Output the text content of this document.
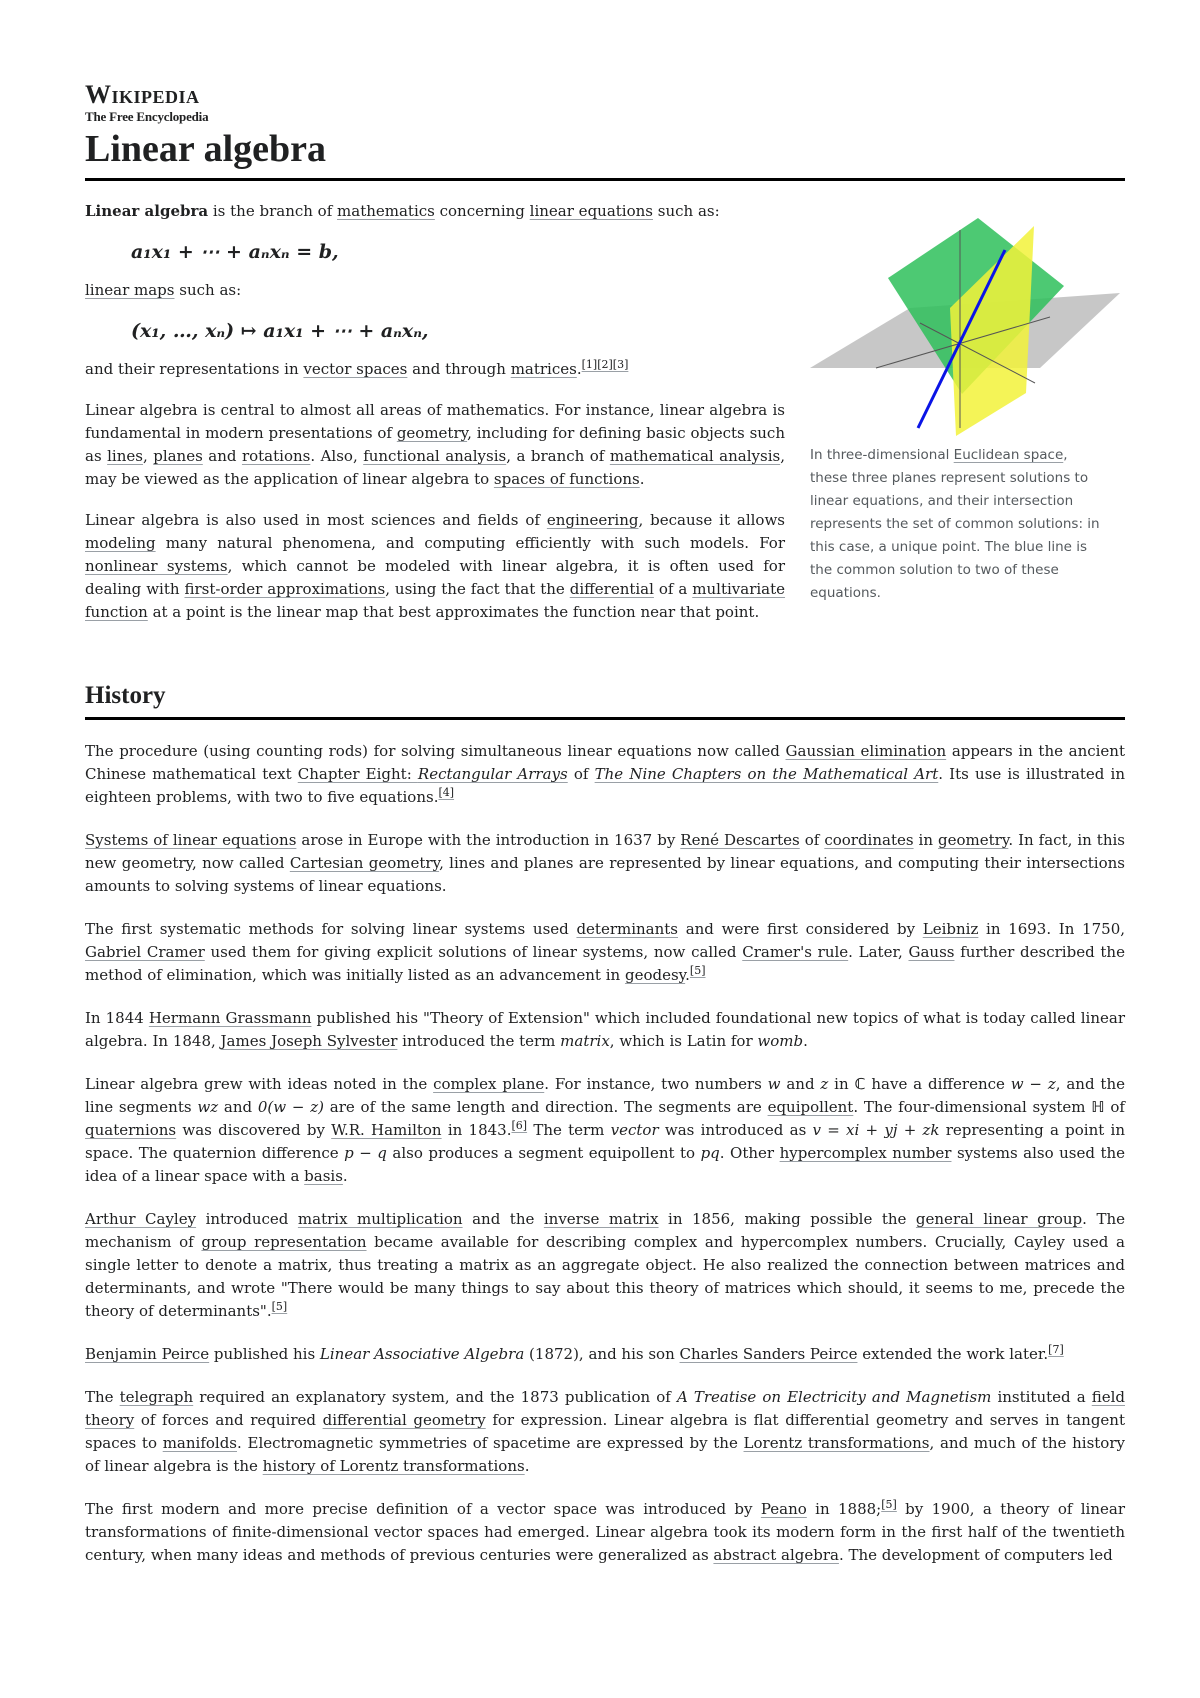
Wikipedia
The Free Encyclopedia
Linear algebra

Linear algebra is the branch of mathematics concerning linear equations such as:

a₁x₁ + ⋯ + aₙxₙ = b,

linear maps such as:

(x₁, …, xₙ) ↦ a₁x₁ + ⋯ + aₙxₙ,

and their representations in vector spaces and through matrices.[1][2][3]

Linear algebra is central to almost all areas of mathematics. For instance, linear algebra is fundamental in modern presentations of geometry, including for defining basic objects such as lines, planes and rotations. Also, functional analysis, a branch of mathematical analysis, may be viewed as the application of linear algebra to spaces of functions.

Linear algebra is also used in most sciences and fields of engineering, because it allows modeling many natural phenomena, and computing efficiently with such models. For nonlinear systems, which cannot be modeled with linear algebra, it is often used for dealing with first-order approximations, using the fact that the differential of a multivariate function at a point is the linear map that best approximates the function near that point.

History

The procedure (using counting rods) for solving simultaneous linear equations now called Gaussian elimination appears in the ancient Chinese mathematical text Chapter Eight: Rectangular Arrays of The Nine Chapters on the Mathematical Art. Its use is illustrated in eighteen problems, with two to five equations.[4]

Systems of linear equations arose in Europe with the introduction in 1637 by René Descartes of coordinates in geometry. In fact, in this new geometry, now called Cartesian geometry, lines and planes are represented by linear equations, and computing their intersections amounts to solving systems of linear equations.

The first systematic methods for solving linear systems used determinants and were first considered by Leibniz in 1693. In 1750, Gabriel Cramer used them for giving explicit solutions of linear systems, now called Cramer's rule. Later, Gauss further described the method of elimination, which was initially listed as an advancement in geodesy.[5]

In 1844 Hermann Grassmann published his "Theory of Extension" which included foundational new topics of what is today called linear algebra. In 1848, James Joseph Sylvester introduced the term matrix, which is Latin for womb.

Linear algebra grew with ideas noted in the complex plane. For instance, two numbers w and z in ℂ have a difference w − z, and the line segments wz and 0(w − z) are of the same length and direction. The segments are equipollent. The four-dimensional system ℍ of quaternions was discovered by W.R. Hamilton in 1843.[6] The term vector was introduced as v = xi + yj + zk representing a point in space. The quaternion difference p − q also produces a segment equipollent to pq. Other hypercomplex number systems also used the idea of a linear space with a basis.

Arthur Cayley introduced matrix multiplication and the inverse matrix in 1856, making possible the general linear group. The mechanism of group representation became available for describing complex and hypercomplex numbers. Crucially, Cayley used a single letter to denote a matrix, thus treating a matrix as an aggregate object. He also realized the connection between matrices and determinants, and wrote "There would be many things to say about this theory of matrices which should, it seems to me, precede the theory of determinants".[5]

Benjamin Peirce published his Linear Associative Algebra (1872), and his son Charles Sanders Peirce extended the work later.[7]

The telegraph required an explanatory system, and the 1873 publication of A Treatise on Electricity and Magnetism instituted a field theory of forces and required differential geometry for expression. Linear algebra is flat differential geometry and serves in tangent spaces to manifolds. Electromagnetic symmetries of spacetime are expressed by the Lorentz transformations, and much of the history of linear algebra is the history of Lorentz transformations.

The first modern and more precise definition of a vector space was introduced by Peano in 1888;[5] by 1900, a theory of linear transformations of finite-dimensional vector spaces had emerged. Linear algebra took its modern form in the first half of the twentieth century, when many ideas and methods of previous centuries were generalized as abstract algebra. The development of computers led

In three-dimensional Euclidean space, these three planes represent solutions to linear equations, and their intersection represents the set of common solutions: in this case, a unique point. The blue line is the common solution to two of these equations.
